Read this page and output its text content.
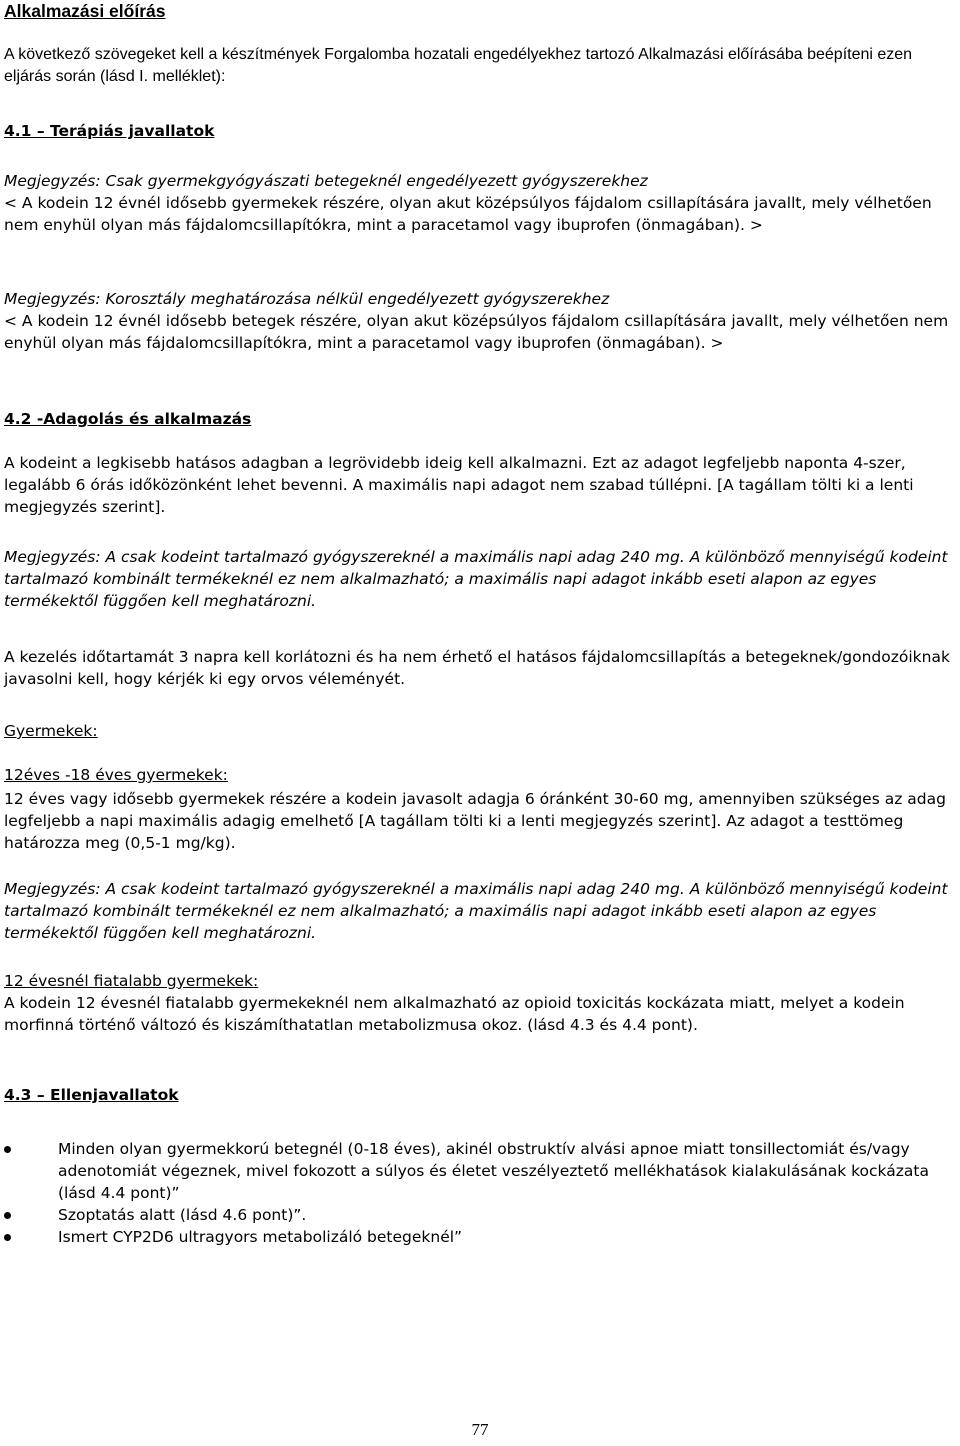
Alkalmazási előírás

A következő szövegeket kell a készítmények Forgalomba hozatali engedélyekhez tartozó Alkalmazási előírásába beépíteni ezen eljárás során (lásd I. melléklet):

4.1 – Terápiás javallatok
Megjegyzés: Csak gyermekgyógyászati betegeknél engedélyezett gyógyszerekhez

< A kodein 12 évnél idősebb gyermekek részére, olyan akut középsúlyos fájdalom csillapítására javallt, mely vélhetően nem enyhül olyan más fájdalomcsillapítókra, mint a paracetamol vagy ibuprofen (önmagában). >

Megjegyzés: Korosztály meghatározása nélkül engedélyezett gyógyszerekhez

< A kodein 12 évnél idősebb betegek részére, olyan akut középsúlyos fájdalom csillapítására javallt, mely vélhetően nem enyhül olyan más fájdalomcsillapítókra, mint a paracetamol vagy ibuprofen (önmagában). >

4.2 -Adagolás és alkalmazás

A kodeint a legkisebb hatásos adagban a legrövidebb ideig kell alkalmazni. Ezt az adagot legfeljebb naponta 4-szer, legalább 6 órás időközönként lehet bevenni. A maximális napi adagot nem szabad túllépni. [A tagállam tölti ki a lenti megjegyzés szerint].

Megjegyzés: A csak kodeint tartalmazó gyógyszereknél a maximális napi adag 240 mg. A különböző mennyiségű kodeint tartalmazó kombinált termékeknél ez nem alkalmazható; a maximális napi adagot inkább eseti alapon az egyes termékektől függően kell meghatározni.

A kezelés időtartamát 3 napra kell korlátozni és ha nem érhető el hatásos fájdalomcsillapítás a betegeknek/gondozóiknak javasolni kell, hogy kérjék ki egy orvos véleményét.

Gyermekek:
12éves -18 éves gyermekek:

12 éves vagy idősebb gyermekek részére a kodein javasolt adagja 6 óránként 30-60 mg, amennyiben szükséges az adag legfeljebb a napi maximális adagig emelhető [A tagállam tölti ki a lenti megjegyzés szerint]. Az adagot a testtömeg határozza meg (0,5-1 mg/kg).

Megjegyzés: A csak kodeint tartalmazó gyógyszereknél a maximális napi adag 240 mg. A különböző mennyiségű kodeint tartalmazó kombinált termékeknél ez nem alkalmazható; a maximális napi adagot inkább eseti alapon az egyes termékektől függően kell meghatározni.

12 évesnél fiatalabb gyermekek:

A kodein 12 évesnél fiatalabb gyermekeknél nem alkalmazható az opioid toxicitás kockázata miatt, melyet a kodein morfinná történő változó és kiszámíthatatlan metabolizmusa okoz. (lásd 4.3 és 4.4 pont).

4.3 – Ellenjavallatok
Minden olyan gyermekkorú betegnél (0-18 éves), akinél obstruktív alvási apnoe miatt tonsillectomiát és/vagy adenotomiát végeznek, mivel fokozott a súlyos és életet veszélyeztető mellékhatások kialakulásának kockázata (lásd 4.4 pont)”
Szoptatás alatt (lásd 4.6 pont)”.
Ismert CYP2D6 ultragyors metabolizáló betegeknél”
77
